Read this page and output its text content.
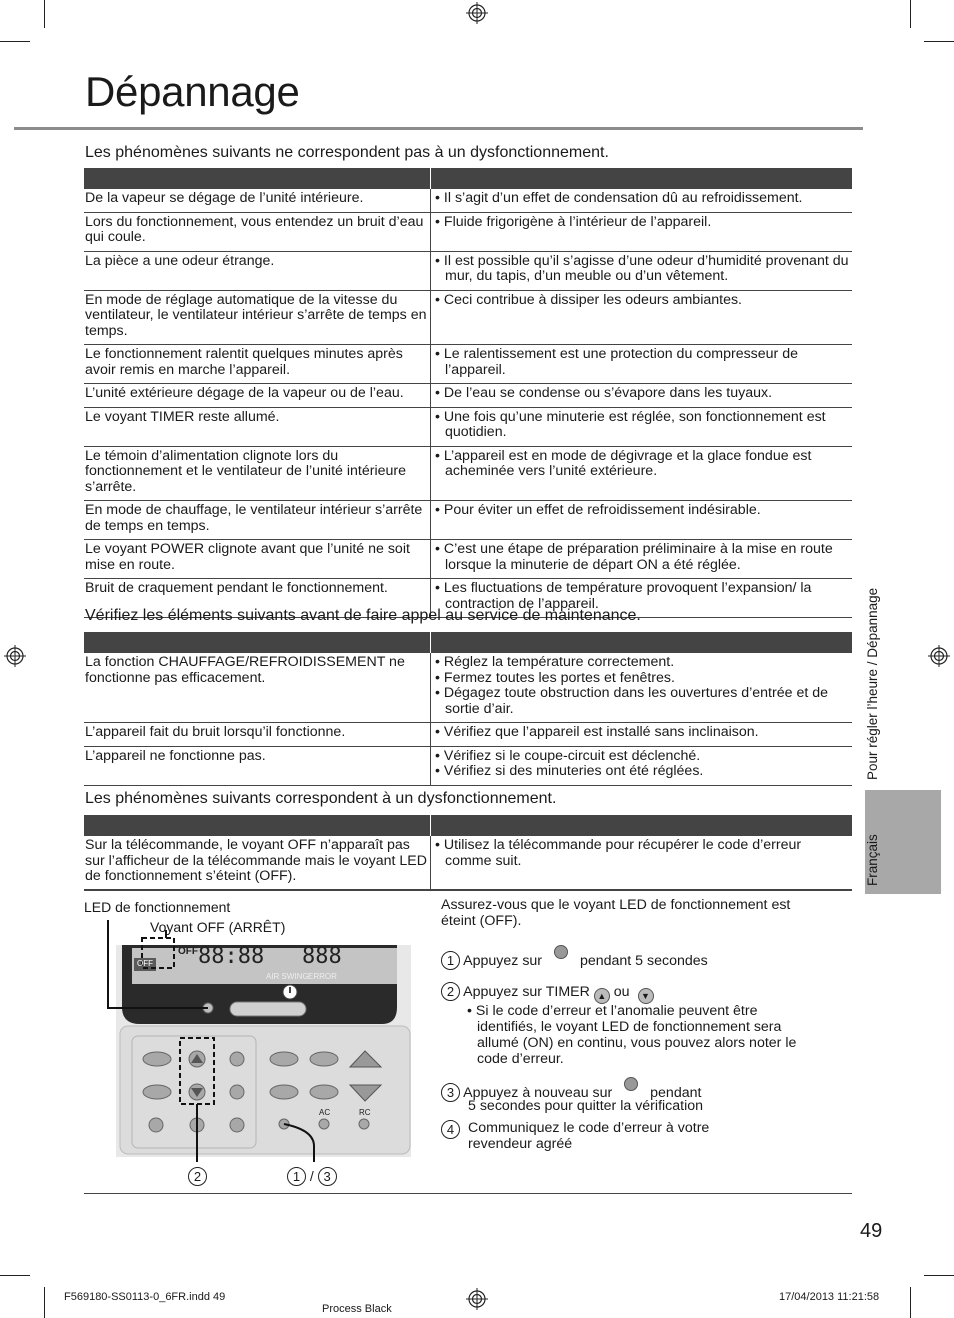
Dépannage
Les phénomènes suivants ne correspondent pas à un dysfonctionnement.

De la vapeur se dégage de l’unité intérieure.	• Il s’agit d’un effet de condensation dû au refroidissement.

Lors du fonctionnement, vous entendez un bruit d’eau qui coule.	• Fluide frigorigène à l’intérieur de l’appareil.

La pièce a une odeur étrange.	• Il est possible qu’il s’agisse d’une odeur d’humidité provenant du mur, du tapis, d’un meuble ou d’un vêtement.

En mode de réglage automatique de la vitesse du ventilateur, le ventilateur intérieur s’arrête de temps en temps.	• Ceci contribue à dissiper les odeurs ambiantes.

Le fonctionnement ralentit quelques minutes après avoir remis en marche l’appareil.	• Le ralentissement est une protection du compresseur de l’appareil.

L’unité extérieure dégage de la vapeur ou de l’eau.	• De l’eau se condense ou s’évapore dans les tuyaux.

Le voyant TIMER reste allumé.	• Une fois qu’une minuterie est réglée, son fonctionnement est quotidien.

Le témoin d’alimentation clignote lors du fonctionnement et le ventilateur de l’unité intérieure s’arrête.	• L’appareil est en mode de dégivrage et la glace fondue est acheminée vers l’unité extérieure.

En mode de chauffage, le ventilateur intérieur s’arrête de temps en temps.	• Pour éviter un effet de refroidissement indésirable.

Le voyant POWER clignote avant que l’unité ne soit mise en route.	• C’est une étape de préparation préliminaire à la mise en route lorsque la minuterie de départ ON a été réglée.

Bruit de craquement pendant le fonctionnement.	• Les fluctuations de température provoquent l’expansion/ la contraction de l’appareil.
Vérifiez les éléments suivants avant de faire appel au service de maintenance.

La fonction CHAUFFAGE/REFROIDISSEMENT ne fonctionne pas efficacement.	• Réglez la température correctement.
• Fermez toutes les portes et fenêtres.
• Dégagez toute obstruction dans les ouvertures d’entrée et de sortie d’air.

L’appareil fait du bruit lorsqu’il fonctionne.	• Vérifiez que l’appareil est installé sans inclinaison.

L’appareil ne fonctionne pas.	• Vérifiez si le coupe-circuit est déclenché.
• Vérifiez si des minuteries ont été réglées.
Les phénomènes suivants correspondent à un dysfonctionnement.

Sur la télécommande, le voyant OFF n’apparaît pas sur l’afficheur de la télécommande mais le voyant LED de fonctionnement s’éteint (OFF).	• Utilisez la télécommande pour récupérer le code d’erreur comme suit.
LED de fonctionnement
Voyant OFF (ARRÊT)
OFF
OFF 88:88 888
AIR SWING ERROR
AC	RC
2	1 / 3
Assurez-vous que le voyant LED de fonctionnement est éteint (OFF).
1 Appuyez sur	pendant 5 secondes
2 Appuyez sur TIMER ▲ ou ▼
• Si le code d’erreur et l’anomalie peuvent être identifiés, le voyant LED de fonctionnement sera allumé (ON) en continu, vous pouvez alors noter le code d’erreur.
3 Appuyez à nouveau sur	pendant
5 secondes pour quitter la vérification
4 Communiquez le code d’erreur à votre revendeur agréé
Pour régler l’heure / Dépannage
Français
49
F569180-SS0113-0_6FR.indd 49
Process Black
17/04/2013 11:21:58
